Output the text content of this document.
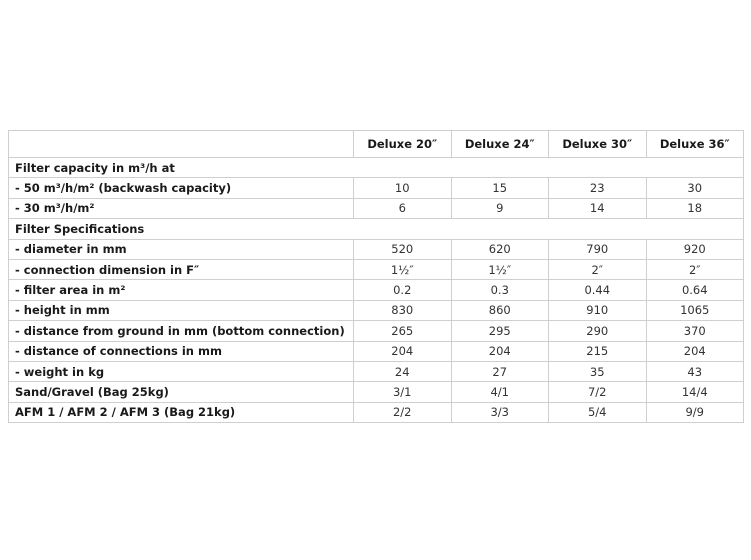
	Deluxe 20″	Deluxe 24″	Deluxe 30″	Deluxe 36″
Filter capacity in m³/h at				
- 50 m³/h/m² (backwash capacity)	10	15	23	30
- 30 m³/h/m²	6	9	14	18
Filter Specifications				
- diameter in mm	520	620	790	920
- connection dimension in F″	1½″	1½″	2″	2″
- filter area in m²	0.2	0.3	0.44	0.64
- height in mm	830	860	910	1065
- distance from ground in mm (bottom connection)	265	295	290	370
- distance of connections in mm	204	204	215	204
- weight in kg	24	27	35	43
Sand/Gravel (Bag 25kg)	3/1	4/1	7/2	14/4
AFM 1 / AFM 2 / AFM 3 (Bag 21kg)	2/2	3/3	5/4	9/9
